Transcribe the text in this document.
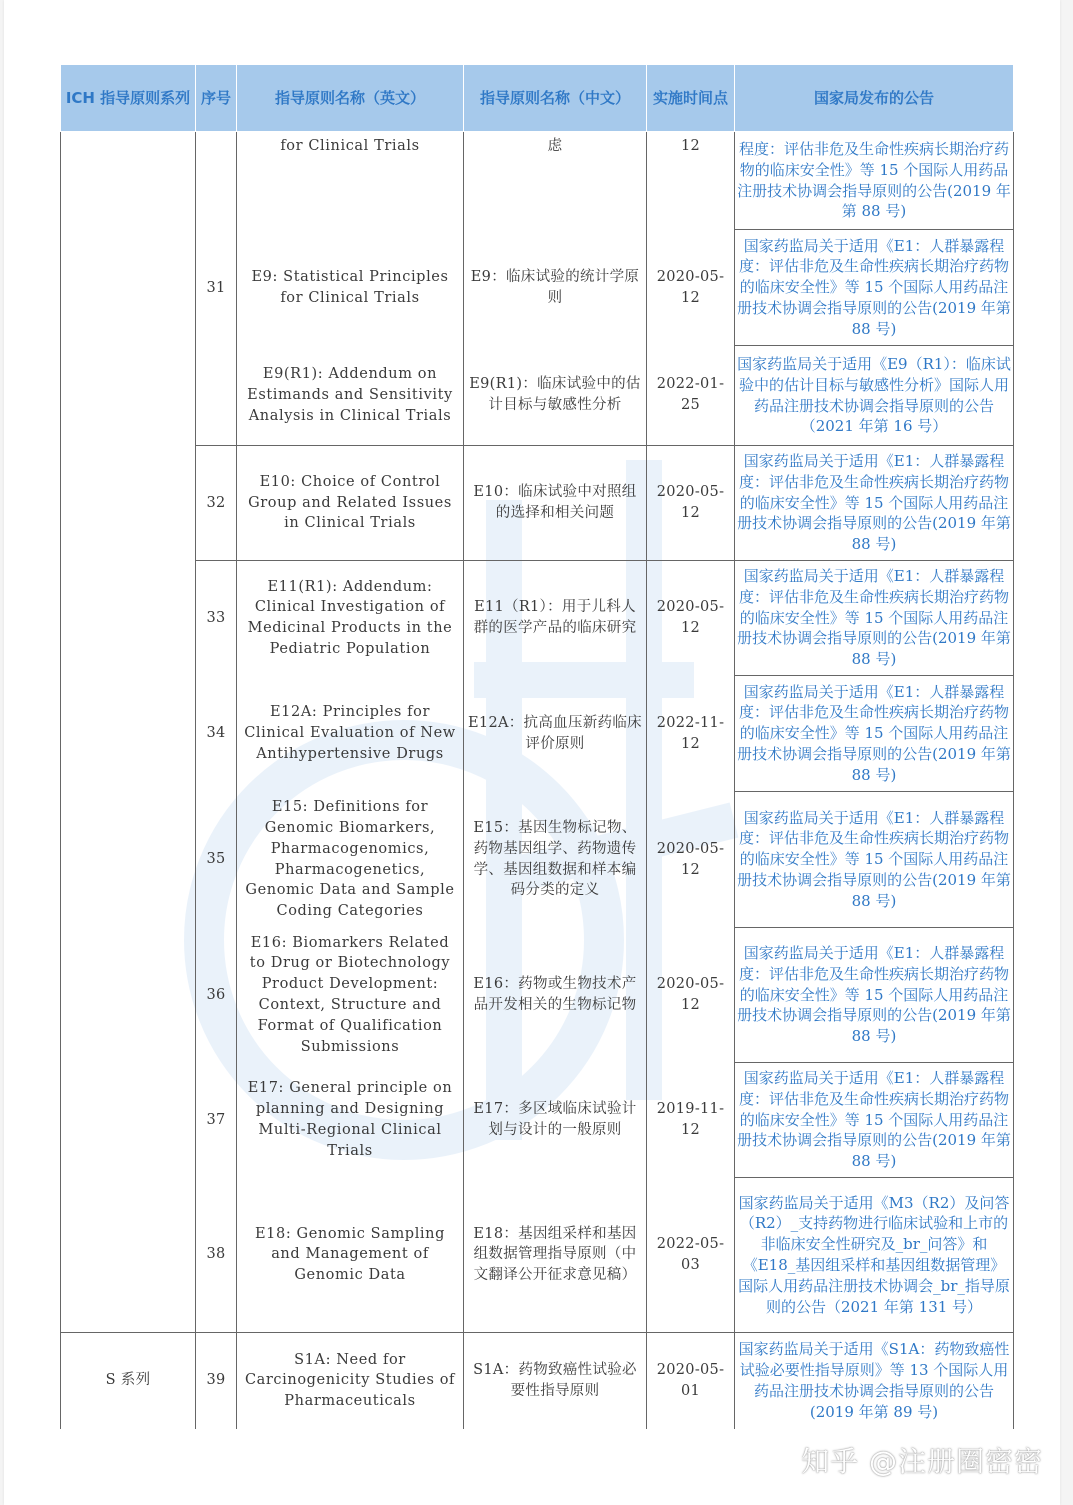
ICH 指导原则系列	序号	指导原则名称（英文）	指导原则名称（中文）	实施时间点	国家局发布的公告
	31	for Clinical Trials	虑	12	程度：评估非危及生命性疾病长期治疗药物的临床安全性》等 15 个国际人用药品注册技术协调会指导原则的公告(2019 年第 88 号)
		E9: Statistical Principles for Clinical Trials	E9：临床试验的统计学原则	2020-05-12	国家药监局关于适用《E1：人群暴露程度：评估非危及生命性疾病长期治疗药物的临床安全性》等 15 个国际人用药品注册技术协调会指导原则的公告(2019 年第 88 号)
		E9(R1): Addendum on Estimands and Sensitivity Analysis in Clinical Trials	E9(R1)：临床试验中的估计目标与敏感性分析	2022-01-25	国家药监局关于适用《E9（R1）：临床试验中的估计目标与敏感性分析》国际人用药品注册技术协调会指导原则的公告（2021 年第 16 号）
	32	E10: Choice of Control Group and Related Issues in Clinical Trials	E10：临床试验中对照组的选择和相关问题	2020-05-12	国家药监局关于适用《E1：人群暴露程度：评估非危及生命性疾病长期治疗药物的临床安全性》等 15 个国际人用药品注册技术协调会指导原则的公告(2019 年第 88 号)
	33	E11(R1): Addendum: Clinical Investigation of Medicinal Products in the Pediatric Population	E11（R1）：用于儿科人群的医学产品的临床研究	2020-05-12	国家药监局关于适用《E1：人群暴露程度：评估非危及生命性疾病长期治疗药物的临床安全性》等 15 个国际人用药品注册技术协调会指导原则的公告(2019 年第 88 号)
	34	E12A: Principles for Clinical Evaluation of New Antihypertensive Drugs	E12A：抗高血压新药临床评价原则	2022-11-12	国家药监局关于适用《E1：人群暴露程度：评估非危及生命性疾病长期治疗药物的临床安全性》等 15 个国际人用药品注册技术协调会指导原则的公告(2019 年第 88 号)
	35	E15: Definitions for Genomic Biomarkers, Pharmacogenomics, Pharmacogenetics, Genomic Data and Sample Coding Categories	E15：基因生物标记物、药物基因组学、药物遗传学、基因组数据和样本编码分类的定义	2020-05-12	国家药监局关于适用《E1：人群暴露程度：评估非危及生命性疾病长期治疗药物的临床安全性》等 15 个国际人用药品注册技术协调会指导原则的公告(2019 年第 88 号)
	36	E16: Biomarkers Related to Drug or Biotechnology Product Development: Context, Structure and Format of Qualification Submissions	E16：药物或生物技术产品开发相关的生物标记物	2020-05-12	国家药监局关于适用《E1：人群暴露程度：评估非危及生命性疾病长期治疗药物的临床安全性》等 15 个国际人用药品注册技术协调会指导原则的公告(2019 年第 88 号)
	37	E17: General principle on planning and Designing Multi-Regional Clinical Trials	E17：多区域临床试验计划与设计的一般原则	2019-11-12	国家药监局关于适用《E1：人群暴露程度：评估非危及生命性疾病长期治疗药物的临床安全性》等 15 个国际人用药品注册技术协调会指导原则的公告(2019 年第 88 号)
	38	E18: Genomic Sampling and Management of Genomic Data	E18：基因组采样和基因组数据管理指导原则（中文翻译公开征求意见稿）	2022-05-03	国家药监局关于适用《M3（R2）及问答（R2）_支持药物进行临床试验和上市的非临床安全性研究及_br_问答》和《E18_基因组采样和基因组数据管理》国际人用药品注册技术协调会_br_指导原则的公告（2021 年第 131 号）
S 系列	39	S1A: Need for Carcinogenicity Studies of Pharmaceuticals	S1A：药物致癌性试验必要性指导原则	2020-05-01	国家药监局关于适用《S1A：药物致癌性试验必要性指导原则》等 13 个国际人用药品注册技术协调会指导原则的公告(2019 年第 89 号)
知乎 @注册圈密密
